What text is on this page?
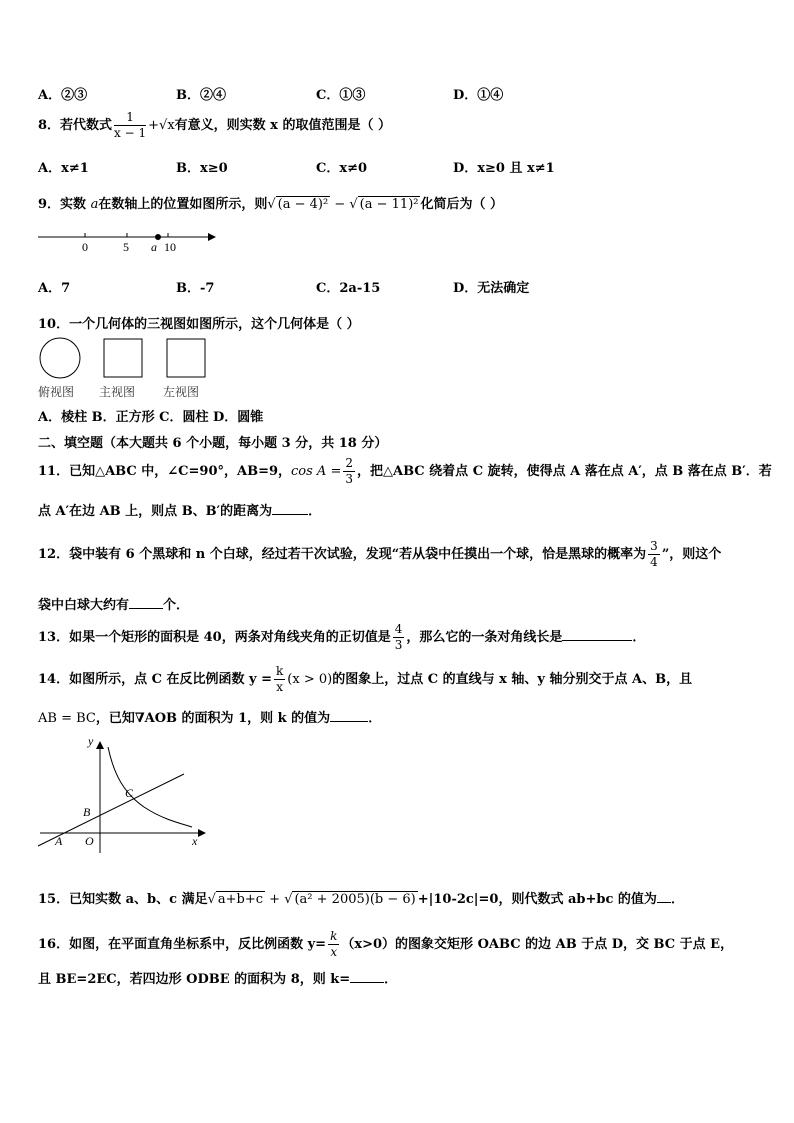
A．②③	B．②④	C．①③	D．①④
8．若代数式 $\frac{1}{x - 1} +√x$有意义，则实数 x 的取值范围是（ ）
A．x≠1	B．x≥0	C．x≠0	D．x≥0 且 x≠1
9．实数 a在数轴上的位置如图所示，则√ (a − 4)² − √ (a − 11)² 化简后为（ ）
0	5 a 10
A．7	B．-7	C．2a-15	D．无法确定
10．一个几何体的三视图如图所示，这个几何体是（ ）
俯视图 主视图 左视图
A．棱柱 B．正方形 C．圆柱 D．圆锥
二、填空题（本大题共 6 个小题，每小题 3 分，共 18 分）
11．已知△ABC 中，∠C=90°，AB=9，$\cos A = \frac{2}{3}$ ，把△ABC 绕着点 C 旋转，使得点 A 落在点 A′，点 B 落在点 B′．若
点 A′在边 AB 上，则点 B、B′的距离为	．
12．袋中装有 6 个黑球和 n 个白球，经过若干次试验，发现“若从袋中任摸出一个球，恰是黑球的概率为 $\frac{3}{4}$ ”，则这个
袋中白球大约有	个．
13．如果一个矩形的面积是 40，两条对角线夹角的正切值是 $\frac{4}{3}$ ，那么它的一条对角线长是	．
14．如图所示，点 C 在反比例函数 $y = \frac{k}{x} (x > 0)$的图象上，过点 C 的直线与 x 轴、y 轴分别交于点 A、B，且
AB = BC，已知∇AOB 的面积为 1，则 k 的值为	．
y
x
C
B
A O
15．已知实数 a、b、c 满足√ a+b+c + √ (a² + 2005)(b − 6) +|10-2c|=0，则代数式 ab+bc 的值为 ．
16．如图，在平面直角坐标系中，反比例函数 $y= \frac{k}{x} (x>0)$的图象交矩形 OABC 的边 AB 于点 D，交 BC 于点 E，
且 BE=2EC，若四边形 ODBE 的面积为 8，则 k=	．
